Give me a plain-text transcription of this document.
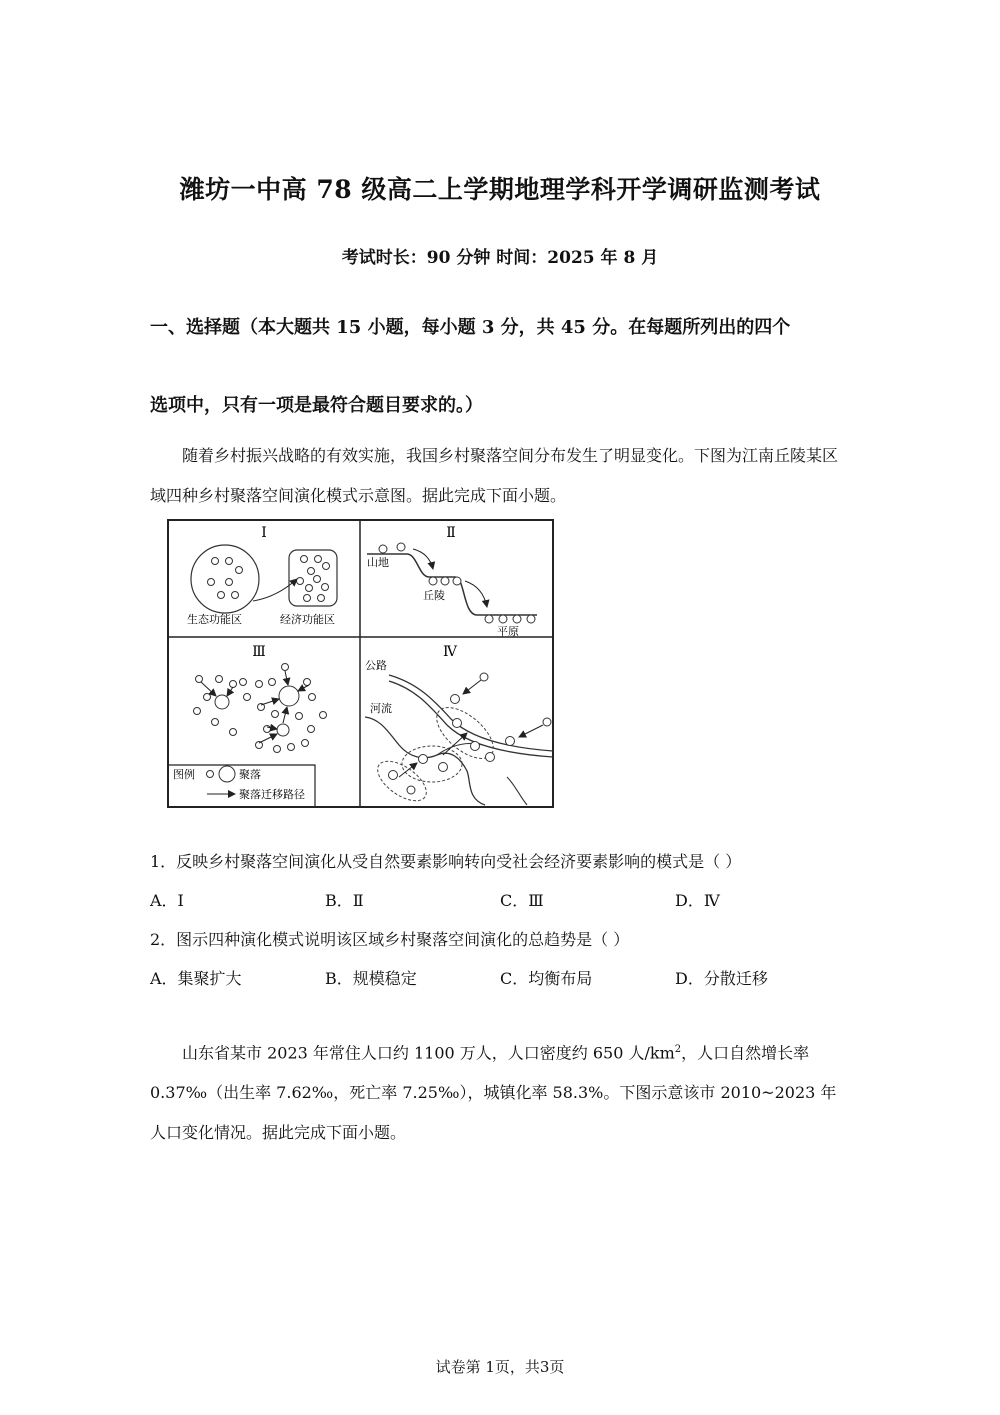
潍坊一中高 78 级高二上学期地理学科开学调研监测考试
考试时长：90 分钟 时间：2025 年 8 月
一、选择题（本大题共 15 小题，每小题 3 分，共 45 分。在每题所列出的四个
选项中，只有一项是最符合题目要求的。）

随着乡村振兴战略的有效实施，我国乡村聚落空间分布发生了明显变化。下图为江南丘陵某区域四种乡村聚落空间演化模式示意图。据此完成下面小题。

Ⅰ	Ⅱ
Ⅲ	Ⅳ
生态功能区	经济功能区
山地
丘陵
平原
图例	聚落
聚落迁移路径
公路
河流
1．反映乡村聚落空间演化从受自然要素影响转向受社会经济要素影响的模式是（ ）
A．Ⅰ	B．Ⅱ	C．Ⅲ	D．Ⅳ
2．图示四种演化模式说明该区域乡村聚落空间演化的总趋势是（ ）
A．集聚扩大	B．规模稳定	C．均衡布局	D．分散迁移

山东省某市 2023 年常住人口约 1100 万人，人口密度约 650 人$/km^2$，人口自然增长率 0.37‰（出生率 7.62‰，死亡率 7.25‰），城镇化率 58.3%。下图示意该市 2010~2023 年人口变化情况。据此完成下面小题。

试卷第 1页，共3页
